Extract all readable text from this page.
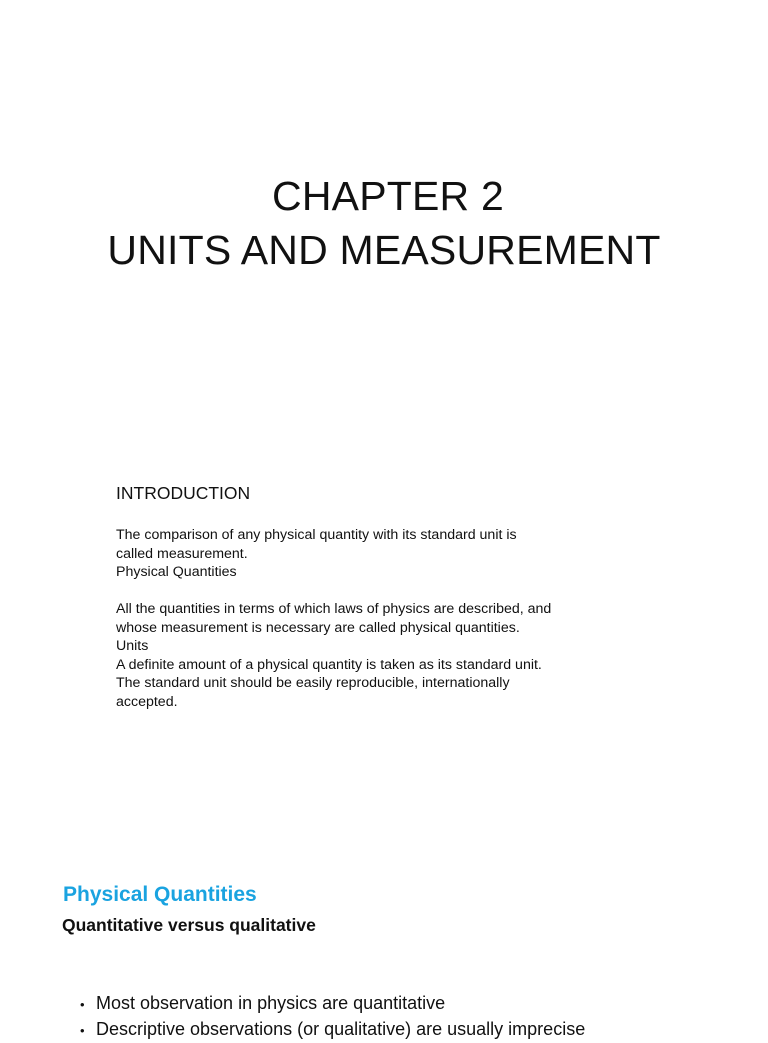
CHAPTER 2
UNITS AND MEASUREMENT
INTRODUCTION

The comparison of any physical quantity with its standard unit is

called measurement.

Physical Quantities

All the quantities in terms of which laws of physics are described, and

whose measurement is necessary are called physical quantities.

Units

A definite amount of a physical quantity is taken as its standard unit.

The standard unit should be easily reproducible, internationally

accepted.

Physical Quantities
Quantitative versus qualitative
• Most observation in physics are quantitative
• Descriptive observations (or qualitative) are usually imprecise
